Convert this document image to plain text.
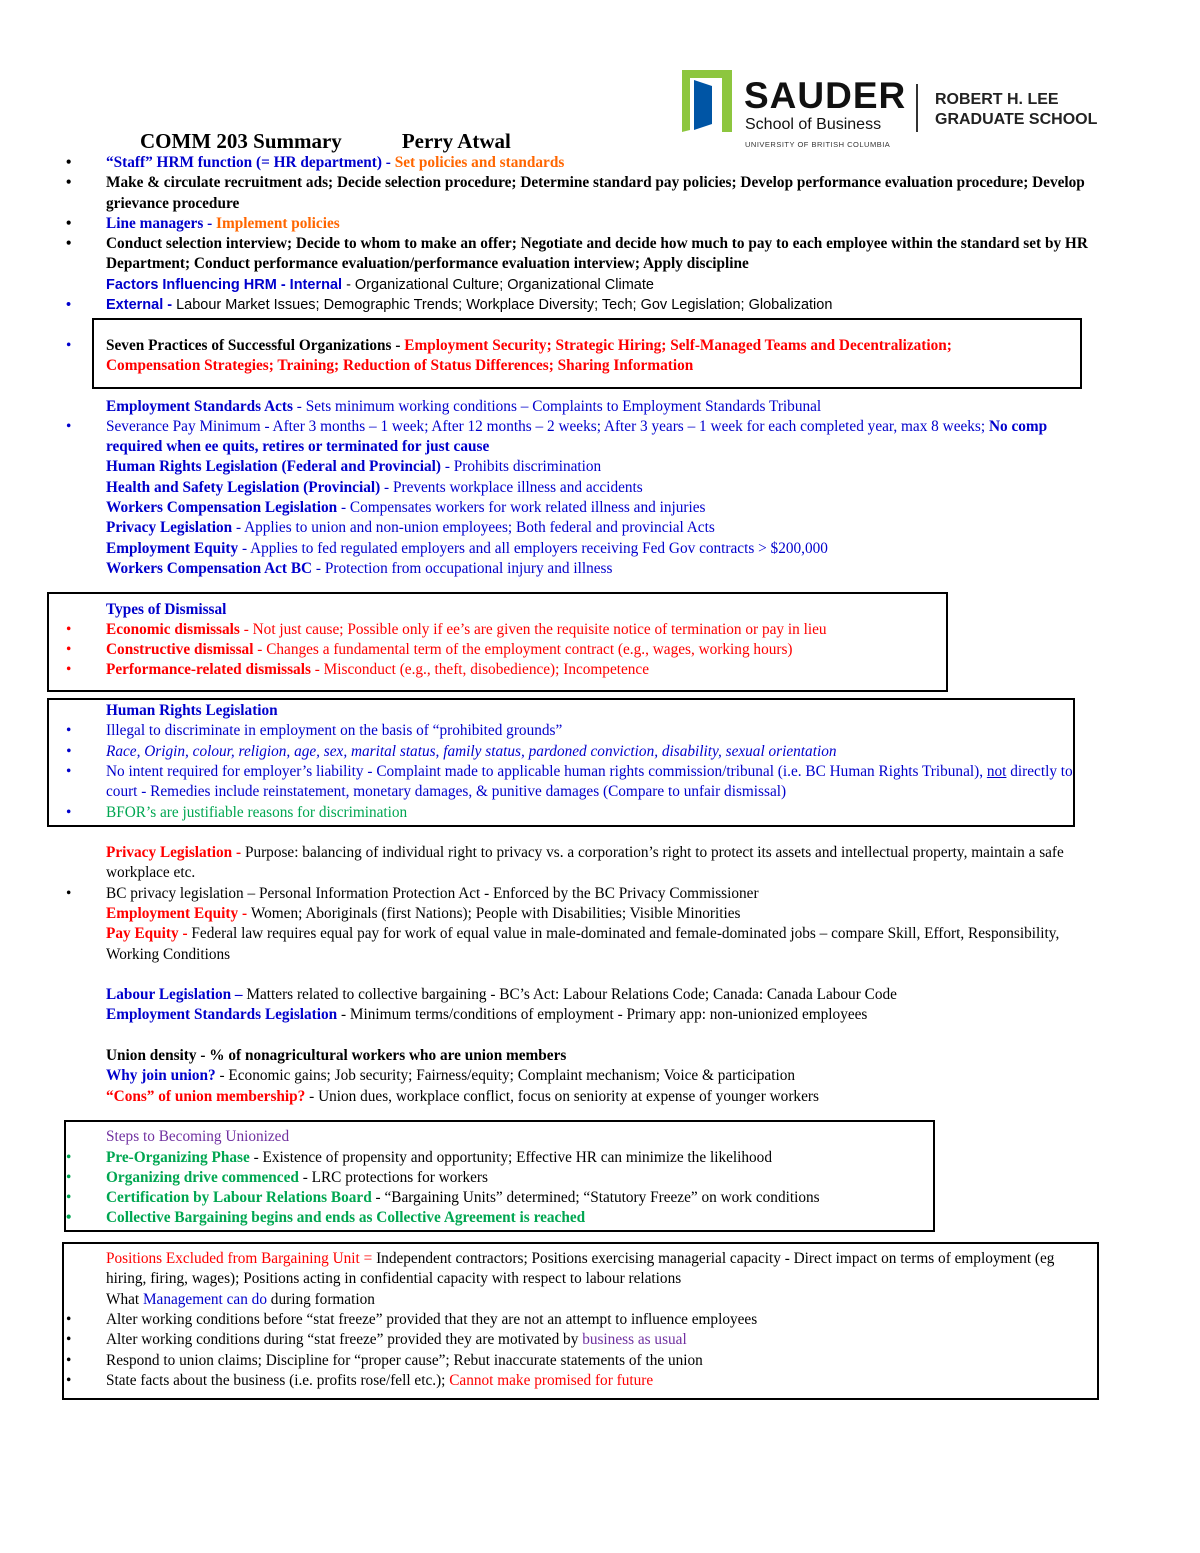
SAUDER
School of Business
UNIVERSITY OF BRITISH COLUMBIA
ROBERT H. LEE
GRADUATE SCHOOL
COMM 203 Summary	Perry Atwal
• “Staff” HRM function (= HR department) - Set policies and standards
• Make & circulate recruitment ads; Decide selection procedure; Determine standard pay policies; Develop performance evaluation procedure; Develop grievance procedure
• Line managers - Implement policies
• Conduct selection interview; Decide to whom to make an offer; Negotiate and decide how much to pay to each employee within the standard set by HR Department; Conduct performance evaluation/performance evaluation interview; Apply discipline
Factors Influencing HRM - Internal - Organizational Culture; Organizational Climate
• External - Labour Market Issues; Demographic Trends; Workplace Diversity; Tech; Gov Legislation; Globalization
• Seven Practices of Successful Organizations - Employment Security; Strategic Hiring; Self-Managed Teams and Decentralization;
Compensation Strategies; Training; Reduction of Status Differences; Sharing Information
Employment Standards Acts - Sets minimum working conditions – Complaints to Employment Standards Tribunal
• Severance Pay Minimum - After 3 months – 1 week; After 12 months – 2 weeks; After 3 years – 1 week for each completed year, max 8 weeks; No comp required when ee quits, retires or terminated for just cause
Human Rights Legislation (Federal and Provincial) - Prohibits discrimination
Health and Safety Legislation (Provincial) - Prevents workplace illness and accidents
Workers Compensation Legislation - Compensates workers for work related illness and injuries
Privacy Legislation - Applies to union and non-union employees; Both federal and provincial Acts
Employment Equity - Applies to fed regulated employers and all employers receiving Fed Gov contracts > $200,000
Workers Compensation Act BC - Protection from occupational injury and illness
Types of Dismissal
• Economic dismissals - Not just cause; Possible only if ee’s are given the requisite notice of termination or pay in lieu
• Constructive dismissal - Changes a fundamental term of the employment contract (e.g., wages, working hours)
• Performance-related dismissals - Misconduct (e.g., theft, disobedience); Incompetence
Human Rights Legislation
• Illegal to discriminate in employment on the basis of “prohibited grounds”
• Race, Origin, colour, religion, age, sex, marital status, family status, pardoned conviction, disability, sexual orientation
• No intent required for employer’s liability - Complaint made to applicable human rights commission/tribunal (i.e. BC Human Rights Tribunal), not directly to court - Remedies include reinstatement, monetary damages, & punitive damages (Compare to unfair dismissal)
• BFOR’s are justifiable reasons for discrimination
Privacy Legislation - Purpose: balancing of individual right to privacy vs. a corporation’s right to protect its assets and intellectual property, maintain a safe workplace etc.
• BC privacy legislation – Personal Information Protection Act - Enforced by the BC Privacy Commissioner
Employment Equity - Women; Aboriginals (first Nations); People with Disabilities; Visible Minorities
Pay Equity - Federal law requires equal pay for work of equal value in male-dominated and female-dominated jobs – compare Skill, Effort, Responsibility, Working Conditions
Labour Legislation – Matters related to collective bargaining - BC’s Act: Labour Relations Code; Canada: Canada Labour Code
Employment Standards Legislation - Minimum terms/conditions of employment - Primary app: non-unionized employees
Union density - % of nonagricultural workers who are union members
Why join union? - Economic gains; Job security; Fairness/equity; Complaint mechanism; Voice & participation
“Cons” of union membership? - Union dues, workplace conflict, focus on seniority at expense of younger workers
Steps to Becoming Unionized
• Pre-Organizing Phase - Existence of propensity and opportunity; Effective HR can minimize the likelihood
• Organizing drive commenced - LRC protections for workers
• Certification by Labour Relations Board - “Bargaining Units” determined; “Statutory Freeze” on work conditions
• Collective Bargaining begins and ends as Collective Agreement is reached
Positions Excluded from Bargaining Unit = Independent contractors; Positions exercising managerial capacity - Direct impact on terms of employment (eg hiring, firing, wages); Positions acting in confidential capacity with respect to labour relations
What Management can do during formation
• Alter working conditions before “stat freeze” provided that they are not an attempt to influence employees
• Alter working conditions during “stat freeze” provided they are motivated by business as usual
• Respond to union claims; Discipline for “proper cause”; Rebut inaccurate statements of the union
• State facts about the business (i.e. profits rose/fell etc.); Cannot make promised for future
